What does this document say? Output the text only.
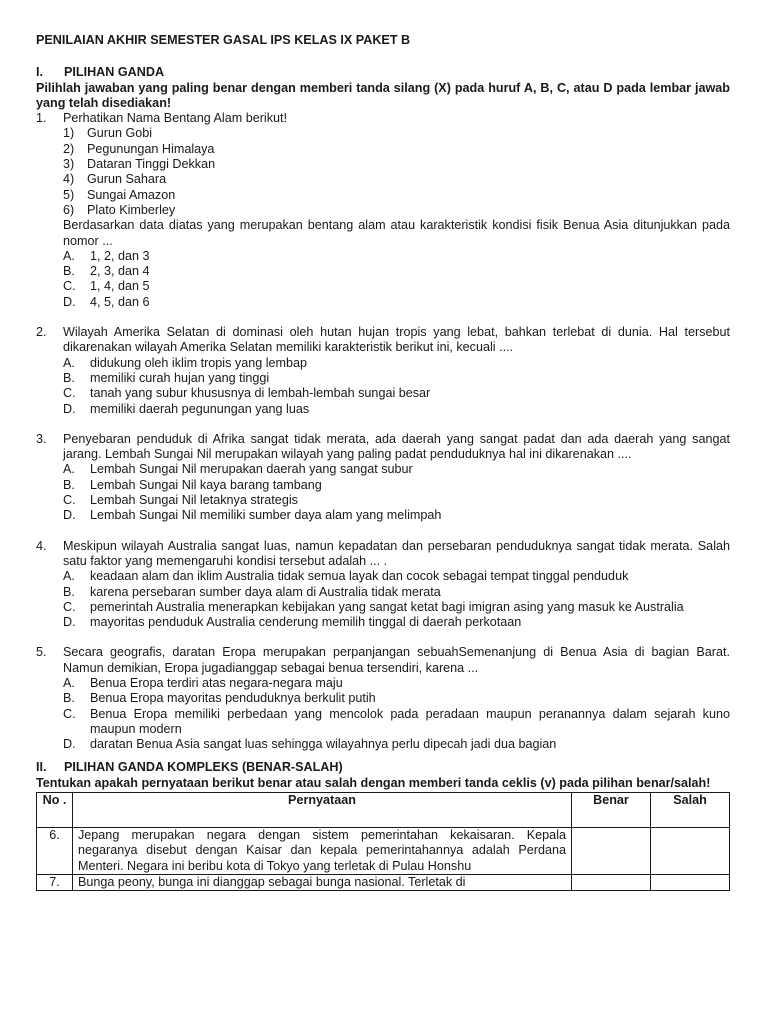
PENILAIAN AKHIR SEMESTER GASAL IPS KELAS IX PAKET B
I.	PILIHAN GANDA
Pilihlah jawaban yang paling benar dengan memberi tanda silang (X) pada huruf A, B, C, atau D pada lembar jawab yang telah disediakan!
1.	Perhatikan Nama Bentang Alam berikut!
1)	Gurun Gobi
2)	Pegunungan Himalaya
3)	Dataran Tinggi Dekkan
4)	Gurun Sahara
5)	Sungai Amazon
6)	Plato Kimberley
Berdasarkan data diatas yang merupakan bentang alam atau karakteristik kondisi fisik Benua Asia ditunjukkan pada nomor ...
A.	1, 2, dan 3
B.	2, 3, dan 4
C.	1, 4, dan 5
D.	4, 5, dan 6
2.	Wilayah Amerika Selatan di dominasi oleh hutan hujan tropis yang lebat, bahkan terlebat di dunia. Hal tersebut dikarenakan wilayah Amerika Selatan memiliki karakteristik berikut ini, kecuali ....
A.	didukung oleh iklim tropis yang lembap
B.	memiliki curah hujan yang tinggi
C.	tanah yang subur khususnya di lembah-lembah sungai besar
D.	memiliki daerah pegunungan yang luas
3.	Penyebaran penduduk di Afrika sangat tidak merata, ada daerah yang sangat padat dan ada daerah yang sangat jarang. Lembah Sungai Nil merupakan wilayah yang paling padat penduduknya hal ini dikarenakan ....
A.	Lembah Sungai Nil merupakan daerah yang sangat subur
B.	Lembah Sungai Nil kaya barang tambang
C.	Lembah Sungai Nil letaknya strategis
D.	Lembah Sungai Nil memiliki sumber daya alam yang melimpah
4.	Meskipun wilayah Australia sangat luas, namun kepadatan dan persebaran penduduknya sangat tidak merata. Salah satu faktor yang memengaruhi kondisi tersebut adalah ... .
A.	keadaan alam dan iklim Australia tidak semua layak dan cocok sebagai tempat tinggal penduduk
B.	karena persebaran sumber daya alam di Australia tidak merata
C.	pemerintah Australia menerapkan kebijakan yang sangat ketat bagi imigran asing yang masuk ke Australia
D.	mayoritas penduduk Australia cenderung memilih tinggal di daerah perkotaan
5.	Secara geografis, daratan Eropa merupakan perpanjangan sebuahSemenanjung di Benua Asia di bagian Barat. Namun demikian, Eropa jugadianggap sebagai benua tersendiri, karena ...
A.	Benua Eropa terdiri atas negara-negara maju
B.	Benua Eropa mayoritas penduduknya berkulit putih
C.	Benua Eropa memiliki perbedaan yang mencolok pada peradaan maupun peranannya dalam sejarah kuno maupun modern
D.	daratan Benua Asia sangat luas sehingga wilayahnya perlu dipecah jadi dua bagian
II.	PILIHAN GANDA KOMPLEKS (BENAR-SALAH)
Tentukan apakah pernyataan berikut benar atau salah dengan memberi tanda ceklis (v) pada pilihan benar/salah!
No .	Pernyataan	Benar	Salah
6.	Jepang merupakan negara dengan sistem pemerintahan kekaisaran. Kepala negaranya disebut dengan Kaisar dan kepala pemerintahannya adalah Perdana Menteri. Negara ini beribu kota di Tokyo yang terletak di Pulau Honshu		
7.	Bunga peony, bunga ini dianggap sebagai bunga nasional. Terletak di		
